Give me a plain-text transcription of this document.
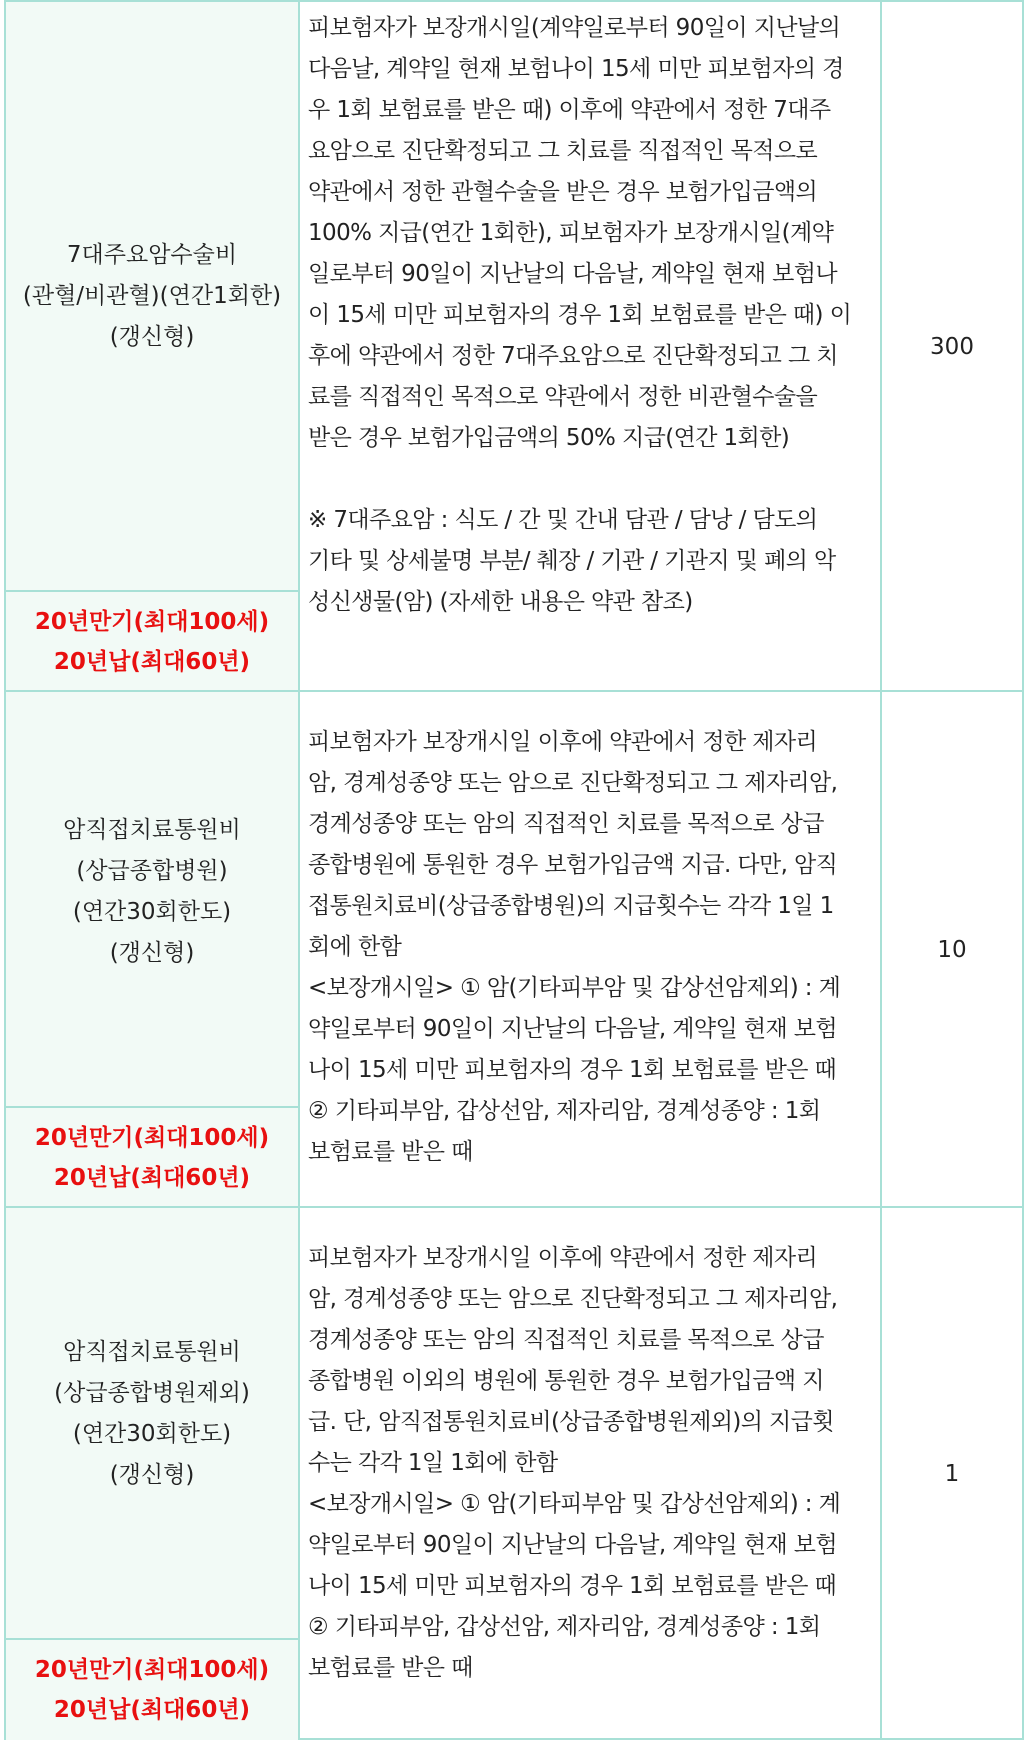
7대주요암수술비
(관혈/비관혈)(연간1회한)
(갱신형)
20년만기(최대100세)
20년납(최대60년)
피보험자가 보장개시일(계약일로부터 90일이 지난날의
다음날, 계약일 현재 보험나이 15세 미만 피보험자의 경
우 1회 보험료를 받은 때) 이후에 약관에서 정한 7대주
요암으로 진단확정되고 그 치료를 직접적인 목적으로
약관에서 정한 관혈수술을 받은 경우 보험가입금액의
100% 지급(연간 1회한), 피보험자가 보장개시일(계약
일로부터 90일이 지난날의 다음날, 계약일 현재 보험나
이 15세 미만 피보험자의 경우 1회 보험료를 받은 때) 이
후에 약관에서 정한 7대주요암으로 진단확정되고 그 치
료를 직접적인 목적으로 약관에서 정한 비관혈수술을
받은 경우 보험가입금액의 50% 지급(연간 1회한)

※ 7대주요암 : 식도 / 간 및 간내 담관 / 담낭 / 담도의
기타 및 상세불명 부분/ 췌장 / 기관 / 기관지 및 폐의 악
성신생물(암) (자세한 내용은 약관 참조)
300
암직접치료통원비
(상급종합병원)
(연간30회한도)
(갱신형)
20년만기(최대100세)
20년납(최대60년)
피보험자가 보장개시일 이후에 약관에서 정한 제자리
암, 경계성종양 또는 암으로 진단확정되고 그 제자리암,
경계성종양 또는 암의 직접적인 치료를 목적으로 상급
종합병원에 통원한 경우 보험가입금액 지급. 다만, 암직
접통원치료비(상급종합병원)의 지급횟수는 각각 1일 1
회에 한함
<보장개시일> ① 암(기타피부암 및 갑상선암제외) : 계
약일로부터 90일이 지난날의 다음날, 계약일 현재 보험
나이 15세 미만 피보험자의 경우 1회 보험료를 받은 때
② 기타피부암, 갑상선암, 제자리암, 경계성종양 : 1회
보험료를 받은 때
10
암직접치료통원비
(상급종합병원제외)
(연간30회한도)
(갱신형)
20년만기(최대100세)
20년납(최대60년)
피보험자가 보장개시일 이후에 약관에서 정한 제자리
암, 경계성종양 또는 암으로 진단확정되고 그 제자리암,
경계성종양 또는 암의 직접적인 치료를 목적으로 상급
종합병원 이외의 병원에 통원한 경우 보험가입금액 지
급. 단, 암직접통원치료비(상급종합병원제외)의 지급횟
수는 각각 1일 1회에 한함
<보장개시일> ① 암(기타피부암 및 갑상선암제외) : 계
약일로부터 90일이 지난날의 다음날, 계약일 현재 보험
나이 15세 미만 피보험자의 경우 1회 보험료를 받은 때
② 기타피부암, 갑상선암, 제자리암, 경계성종양 : 1회
보험료를 받은 때
1
